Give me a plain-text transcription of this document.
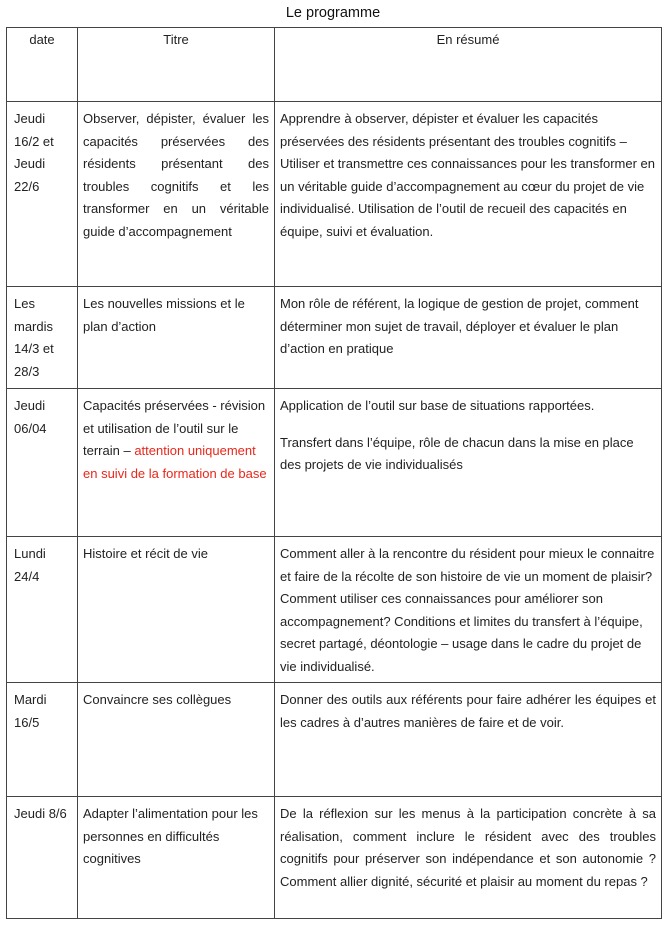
Le programme
date	Titre	En résumé

Jeudi 16/2 et Jeudi 22/6	Observer, dépister, évaluer les capacités préservées des résidents présentant des troubles cognitifs et les transformer en un véritable guide d’accompagnement	Apprendre à observer, dépister et évaluer les capacités préservées des résidents présentant des troubles cognitifs – Utiliser et transmettre ces connaissances pour les transformer en un véritable guide d’accompagnement au cœur du projet de vie individualisé. Utilisation de l’outil de recueil des capacités en équipe, suivi et évaluation.

Les mardis 14/3 et 28/3	Les nouvelles missions et le plan d’action	Mon rôle de référent, la logique de gestion de projet, comment déterminer mon sujet de travail, déployer et évaluer le plan d’action en pratique

Jeudi 06/04	Capacités préservées - révision et utilisation de l’outil sur le terrain – attention uniquement en suivi de la formation de base	Application de l’outil sur base de situations rapportées.
Transfert dans l’équipe, rôle de chacun dans la mise en place des projets de vie individualisés

Lundi 24/4	Histoire et récit de vie	Comment aller à la rencontre du résident pour mieux le connaitre et faire de la récolte de son histoire de vie un moment de plaisir? Comment utiliser ces connaissances pour améliorer son accompagnement? Conditions et limites du transfert à l’équipe, secret partagé, déontologie – usage dans le cadre du projet de vie individualisé.

Mardi 16/5	Convaincre ses collègues	Donner des outils aux référents pour faire adhérer les équipes et les cadres à d’autres manières de faire et de voir.

Jeudi 8/6	Adapter l’alimentation pour les personnes en difficultés cognitives	De la réflexion sur les menus à la participation concrète à sa réalisation, comment inclure le résident avec des troubles cognitifs pour préserver son indépendance et son autonomie ? Comment allier dignité, sécurité et plaisir au moment du repas ?
